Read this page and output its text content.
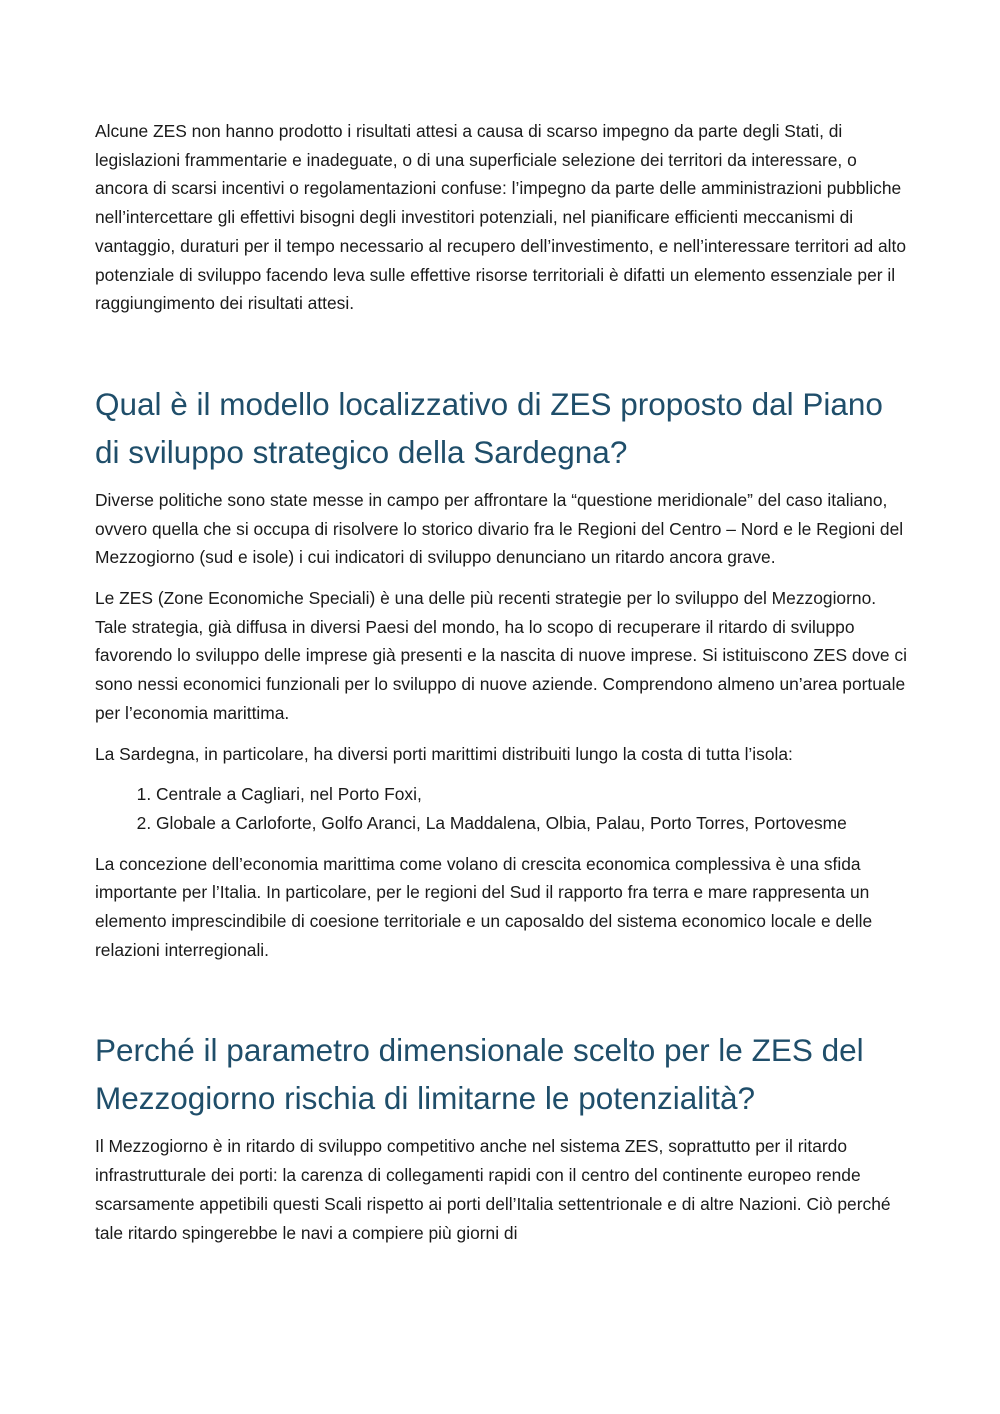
Alcune ZES non hanno prodotto i risultati attesi a causa di scarso impegno da parte degli Stati, di legislazioni frammentarie e inadeguate, o di una superficiale selezione dei territori da interessare, o ancora di scarsi incentivi o regolamentazioni confuse: l’impegno da parte delle amministrazioni pubbliche nell’intercettare gli effettivi bisogni degli investitori potenziali, nel pianificare efficienti meccanismi di vantaggio, duraturi per il tempo necessario al recupero dell’investimento, e nell’interessare territori ad alto potenziale di sviluppo facendo leva sulle effettive risorse territoriali è difatti un elemento essenziale per il raggiungimento dei risultati attesi.

Qual è il modello localizzativo di ZES proposto dal Piano di sviluppo strategico della Sardegna?

Diverse politiche sono state messe in campo per affrontare la “questione meridionale” del caso italiano, ovvero quella che si occupa di risolvere lo storico divario fra le Regioni del Centro – Nord e le Regioni del Mezzogiorno (sud e isole) i cui indicatori di sviluppo denunciano un ritardo ancora grave.

Le ZES (Zone Economiche Speciali) è una delle più recenti strategie per lo sviluppo del Mezzogiorno. Tale strategia, già diffusa in diversi Paesi del mondo, ha lo scopo di recuperare il ritardo di sviluppo favorendo lo sviluppo delle imprese già presenti e la nascita di nuove imprese. Si istituiscono ZES dove ci sono nessi economici funzionali per lo sviluppo di nuove aziende. Comprendono almeno un’area portuale per l’economia marittima.

La Sardegna, in particolare, ha diversi porti marittimi distribuiti lungo la costa di tutta l’isola:

1. Centrale a Cagliari, nel Porto Foxi,
2. Globale a Carloforte, Golfo Aranci, La Maddalena, Olbia, Palau, Porto Torres, Portovesme

La concezione dell’economia marittima come volano di crescita economica complessiva è una sfida importante per l’Italia. In particolare, per le regioni del Sud il rapporto fra terra e mare rappresenta un elemento imprescindibile di coesione territoriale e un caposaldo del sistema economico locale e delle relazioni interregionali.

Perché il parametro dimensionale scelto per le ZES del Mezzogiorno rischia di limitarne le potenzialità?

Il Mezzogiorno è in ritardo di sviluppo competitivo anche nel sistema ZES, soprattutto per il ritardo infrastrutturale dei porti: la carenza di collegamenti rapidi con il centro del continente europeo rende scarsamente appetibili questi Scali rispetto ai porti dell’Italia settentrionale e di altre Nazioni. Ciò perché tale ritardo spingerebbe le navi a compiere più giorni di
